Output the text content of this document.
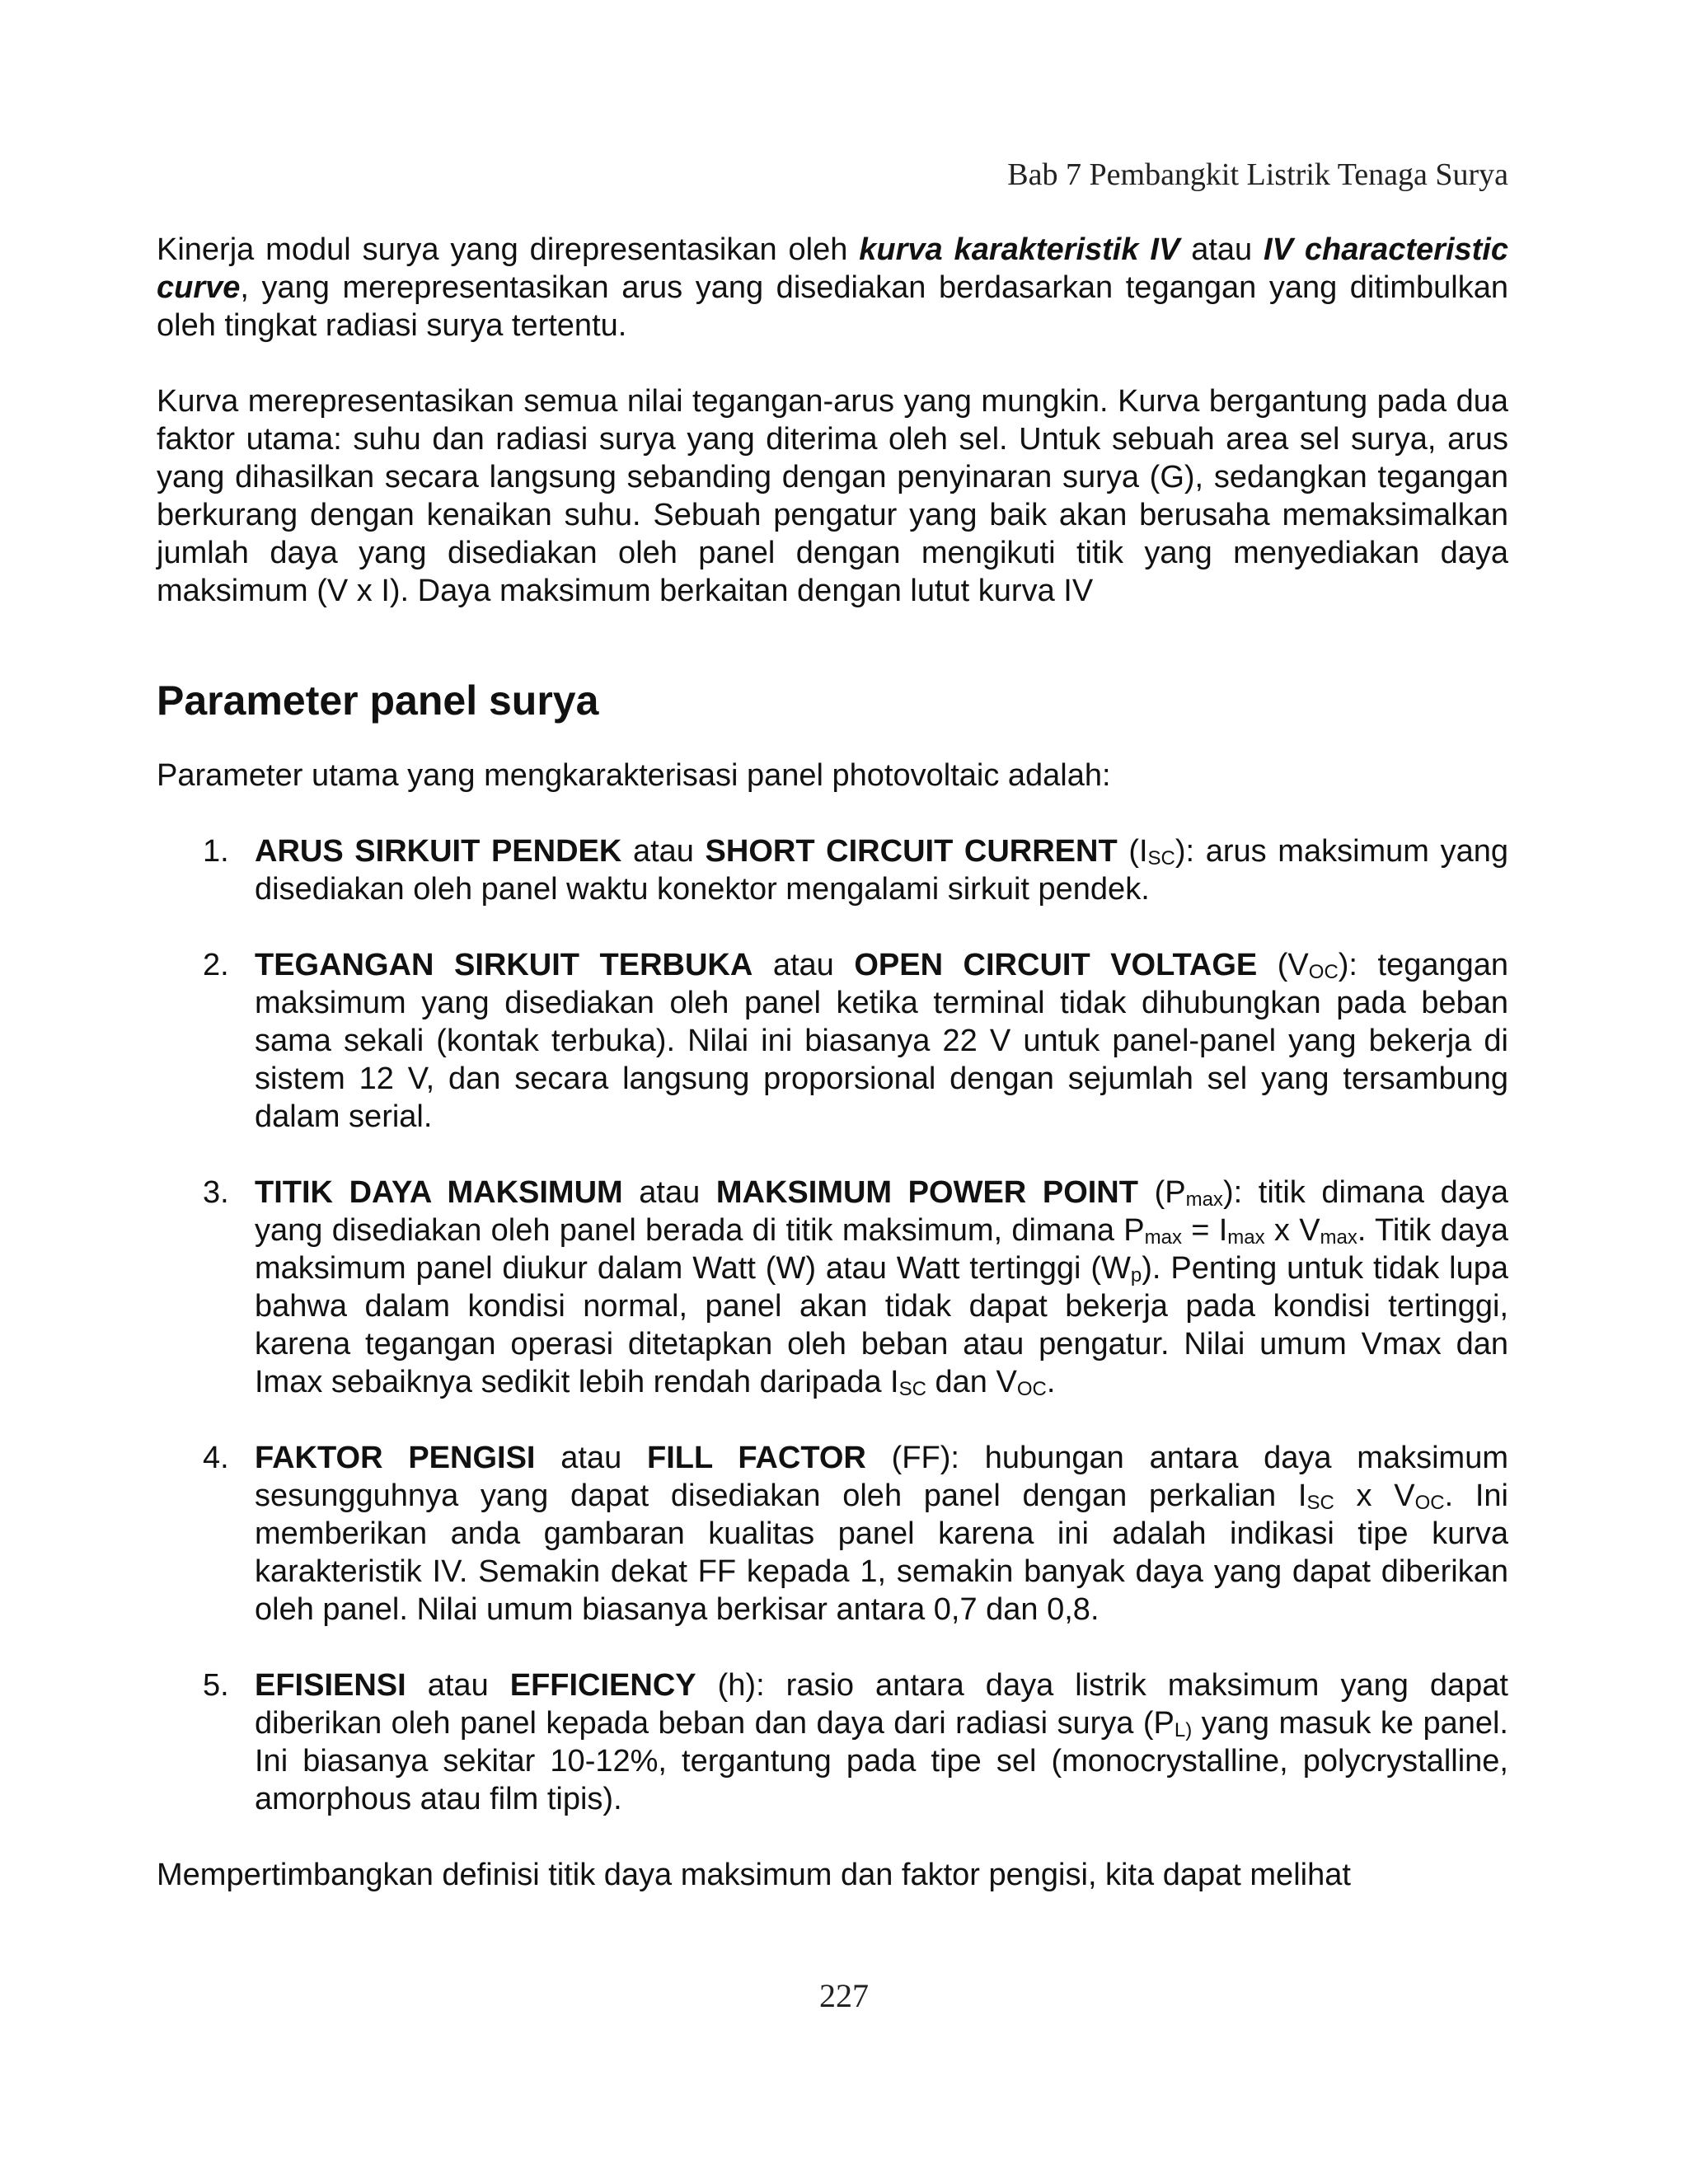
Bab 7 Pembangkit Listrik Tenaga Surya

Kinerja modul surya yang direpresentasikan oleh kurva karakteristik IV atau IV characteristic curve, yang merepresentasikan arus yang disediakan berdasarkan tegangan yang ditimbulkan oleh tingkat radiasi surya tertentu.

Kurva merepresentasikan semua nilai tegangan-arus yang mungkin. Kurva bergantung pada dua faktor utama: suhu dan radiasi surya yang diterima oleh sel. Untuk sebuah area sel surya, arus yang dihasilkan secara langsung sebanding dengan penyinaran surya (G), sedangkan tegangan berkurang dengan kenaikan suhu. Sebuah pengatur yang baik akan berusaha memaksimalkan jumlah daya yang disediakan oleh panel dengan mengikuti titik yang menyediakan daya maksimum (V x I). Daya maksimum berkaitan dengan lutut kurva IV

Parameter panel surya

Parameter utama yang mengkarakterisasi panel photovoltaic adalah:

1. ARUS SIRKUIT PENDEK atau SHORT CIRCUIT CURRENT $(I_{SC})$: arus maksimum yang disediakan oleh panel waktu konektor mengalami sirkuit pendek.
2. TEGANGAN SIRKUIT TERBUKA atau OPEN CIRCUIT VOLTAGE $(V_{OC})$: tegangan maksimum yang disediakan oleh panel ketika terminal tidak dihubungkan pada beban sama sekali (kontak terbuka). Nilai ini biasanya 22 V untuk panel-panel yang bekerja di sistem 12 V, dan secara langsung proporsional dengan sejumlah sel yang tersambung dalam serial.
3. TITIK DAYA MAKSIMUM atau MAKSIMUM POWER POINT $(P_{max})$: titik dimana daya yang disediakan oleh panel berada di titik maksimum, dimana $P_{max} = I_{max}$ x $V_{max}$. Titik daya maksimum panel diukur dalam Watt (W) atau Watt tertinggi $(W_p)$. Penting untuk tidak lupa bahwa dalam kondisi normal, panel akan tidak dapat bekerja pada kondisi tertinggi, karena tegangan operasi ditetapkan oleh beban atau pengatur. Nilai umum Vmax dan Imax sebaiknya sedikit lebih rendah daripada $I_{SC}$ dan $V_{OC}$.
4. FAKTOR PENGISI atau FILL FACTOR (FF): hubungan antara daya maksimum sesungguhnya yang dapat disediakan oleh panel dengan perkalian $I_{SC}$ x $V_{OC}$. Ini memberikan anda gambaran kualitas panel karena ini adalah indikasi tipe kurva karakteristik IV. Semakin dekat FF kepada 1, semakin banyak daya yang dapat diberikan oleh panel. Nilai umum biasanya berkisar antara 0,7 dan 0,8.
5. EFISIENSI atau EFFICIENCY (h): rasio antara daya listrik maksimum yang dapat diberikan oleh panel kepada beban dan daya dari radiasi surya ($P_{L)}$ yang masuk ke panel. Ini biasanya sekitar 10-12%, tergantung pada tipe sel (monocrystalline, polycrystalline, amorphous atau film tipis).

Mempertimbangkan definisi titik daya maksimum dan faktor pengisi, kita dapat melihat

227
